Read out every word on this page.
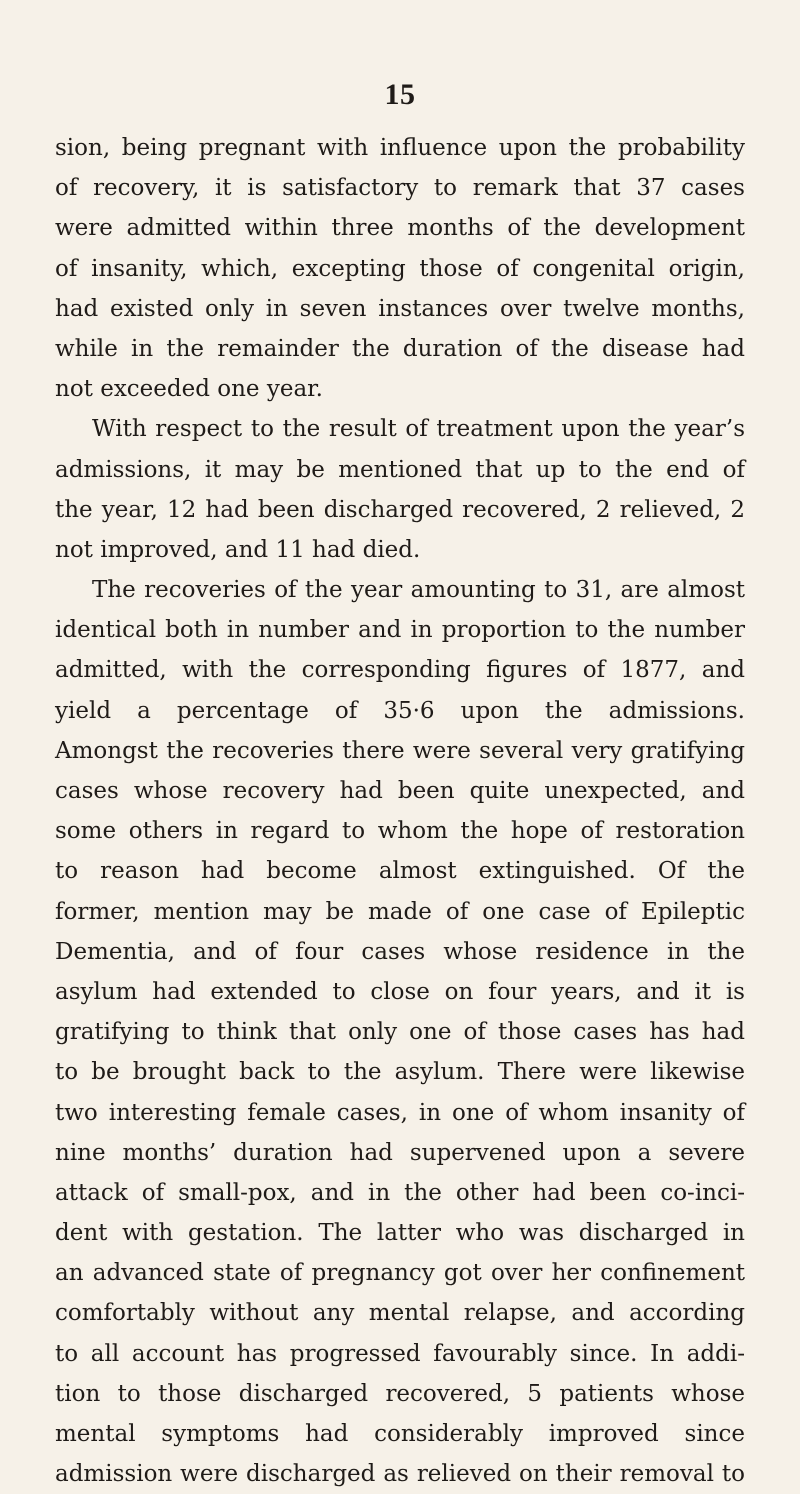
15
sion, being pregnant with influence upon the probability
of recovery, it is satisfactory to remark that 37 cases
were admitted within three months of the development
of insanity, which, excepting those of congenital origin,
had existed only in seven instances over twelve months,
while in the remainder the duration of the disease had
not exceeded one year.
With respect to the result of treatment upon the year’s
admissions, it may be mentioned that up to the end of
the year, 12 had been discharged recovered, 2 relieved, 2
not improved, and 11 had died.
The recoveries of the year amounting to 31, are almost
identical both in number and in proportion to the number
admitted, with the corresponding figures of 1877, and
yield a percentage of 35·6 upon the admissions.
Amongst the recoveries there were several very gratifying
cases whose recovery had been quite unexpected, and
some others in regard to whom the hope of restoration
to reason had become almost extinguished. Of the
former, mention may be made of one case of Epileptic
Dementia, and of four cases whose residence in the
asylum had extended to close on four years, and it is
gratifying to think that only one of those cases has had
to be brought back to the asylum. There were likewise
two interesting female cases, in one of whom insanity of
nine months’ duration had supervened upon a severe
attack of small-pox, and in the other had been co-inci-
dent with gestation. The latter who was discharged in
an advanced state of pregnancy got over her confinement
comfortably without any mental relapse, and according
to all account has progressed favourably since. In addi-
tion to those discharged recovered, 5 patients whose
mental symptoms had considerably improved since
admission were discharged as relieved on their removal to
